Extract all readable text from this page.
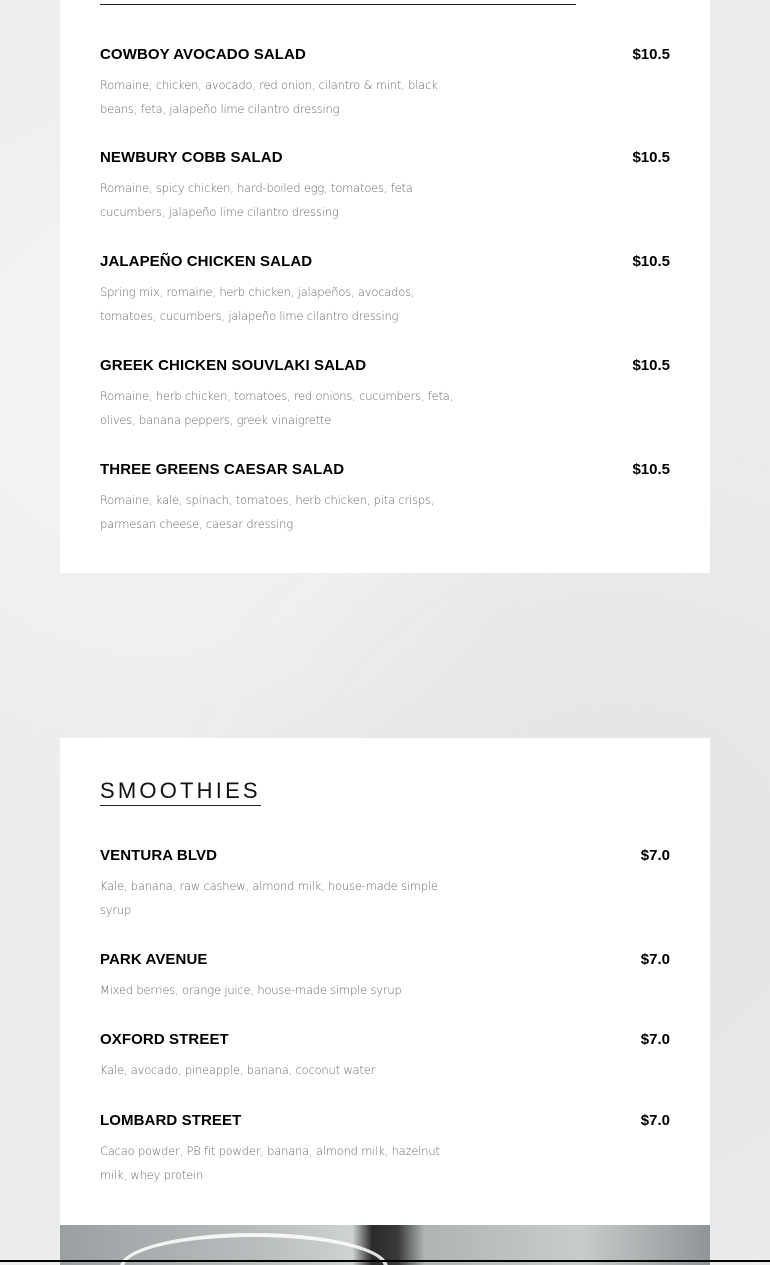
COWBOY AVOCADO SALAD	$10.5
Romaine, chicken, avocado, red onion, cilantro & mint, black beans, feta, jalapeño lime cilantro dressing
NEWBURY COBB SALAD	$10.5
Romaine, spicy chicken, hard-boiled egg, tomatoes, feta cucumbers, jalapeño lime cilantro dressing
JALAPEÑO CHICKEN SALAD	$10.5
Spring mix, romaine, herb chicken, jalapeños, avocados, tomatoes, cucumbers, jalapeño lime cilantro dressing
GREEK CHICKEN SOUVLAKI SALAD	$10.5
Romaine, herb chicken, tomatoes, red onions, cucumbers, feta, olives, banana peppers, greek vinaigrette
THREE GREENS CAESAR SALAD	$10.5
Romaine, kale, spinach, tomatoes, herb chicken, pita crisps, parmesan cheese, caesar dressing
SMOOTHIES
VENTURA BLVD	$7.0
Kale, banana, raw cashew, almond milk, house-made simple syrup
PARK AVENUE	$7.0
Mixed berries, orange juice, house-made simple syrup
OXFORD STREET	$7.0
Kale, avocado, pineapple, banana, coconut water
LOMBARD STREET	$7.0
Cacao powder, PB fit powder, banana, almond milk, hazelnut milk, whey protein
